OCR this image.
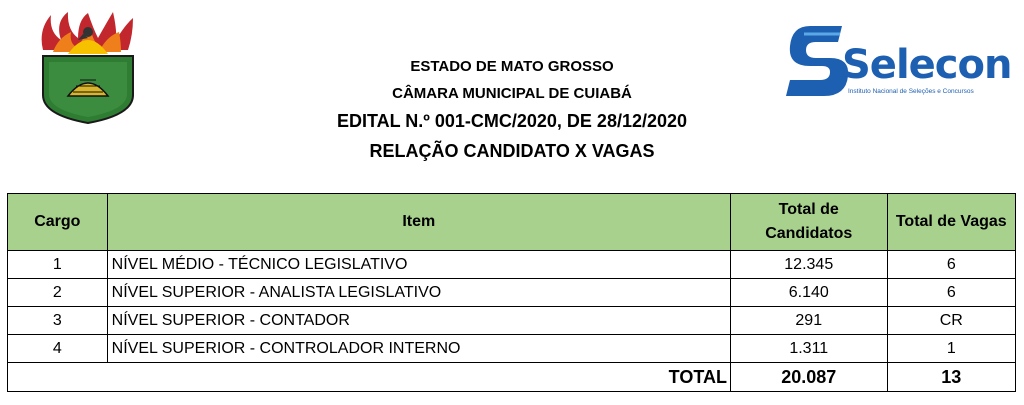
Selecon
Instituto Nacional de Seleções e Concursos
ESTADO DE MATO GROSSO
CÂMARA MUNICIPAL DE CUIABÁ
EDITAL N.º 001-CMC/2020, DE 28/12/2020
RELAÇÃO CANDIDATO X VAGAS
Cargo	Item	Total de Candidatos	Total de Vagas
1	NÍVEL MÉDIO - TÉCNICO LEGISLATIVO	12.345	6
2	NÍVEL SUPERIOR - ANALISTA LEGISLATIVO	6.140	6
3	NÍVEL SUPERIOR - CONTADOR	291	CR
4	NÍVEL SUPERIOR - CONTROLADOR INTERNO	1.311	1
TOTAL		20.087	13
